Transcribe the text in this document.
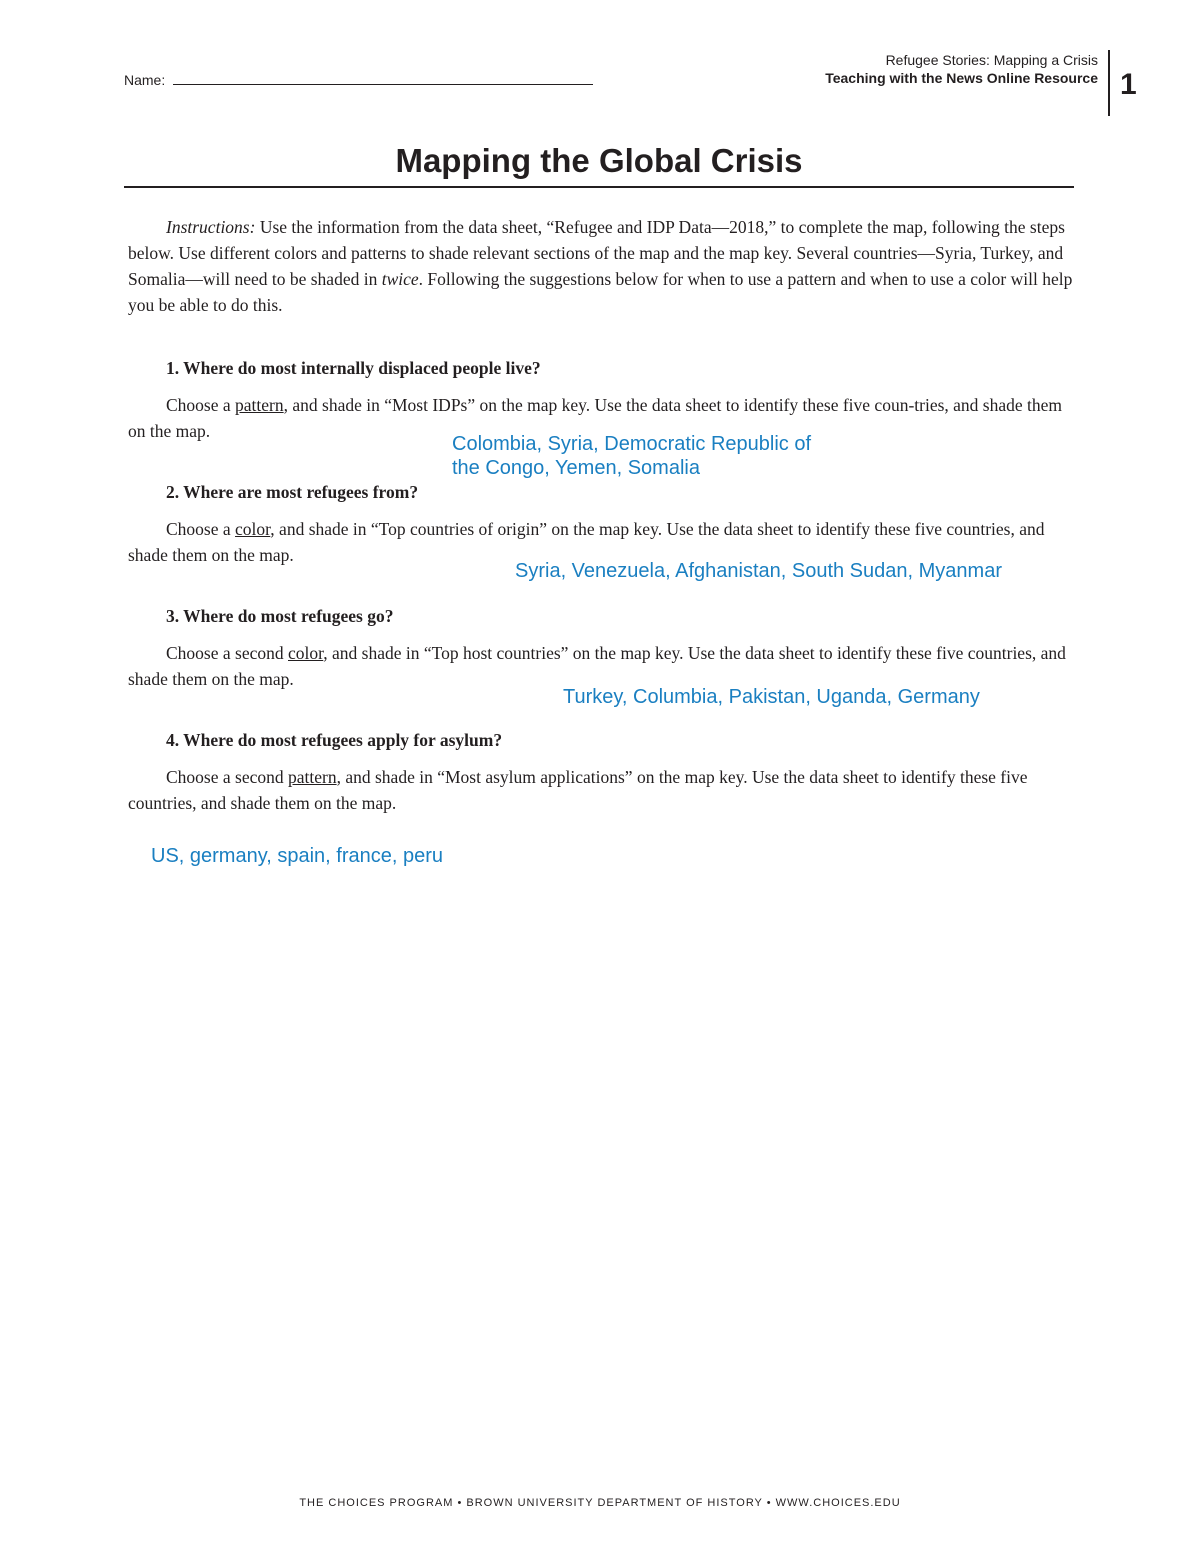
Name:
Refugee Stories: Mapping a Crisis
Teaching with the News Online Resource 1
Mapping the Global Crisis
Instructions: Use the information from the data sheet, “Refugee and IDP Data—2018,” to complete the map, following the steps below. Use different colors and patterns to shade relevant sections of the map and the map key. Several countries—Syria, Turkey, and Somalia—will need to be shaded in twice. Following the suggestions below for when to use a pattern and when to use a color will help you be able to do this.
1. Where do most internally displaced people live?
Choose a pattern, and shade in “Most IDPs” on the map key. Use the data sheet to identify these five coun-tries, and shade them on the map.
Colombia, Syria, Democratic Republic of
the Congo, Yemen, Somalia
2. Where are most refugees from?
Choose a color, and shade in “Top countries of origin” on the map key. Use the data sheet to identify these five countries, and shade them on the map.
Syria, Venezuela, Afghanistan, South Sudan, Myanmar
3. Where do most refugees go?
Choose a second color, and shade in “Top host countries” on the map key. Use the data sheet to identify these five countries, and shade them on the map.
Turkey, Columbia, Pakistan, Uganda, Germany
4. Where do most refugees apply for asylum?
Choose a second pattern, and shade in “Most asylum applications” on the map key. Use the data sheet to identify these five countries, and shade them on the map.
US, germany, spain, france, peru
THE CHOICES PROGRAM • BROWN UNIVERSITY DEPARTMENT OF HISTORY • WWW.CHOICES.EDU
